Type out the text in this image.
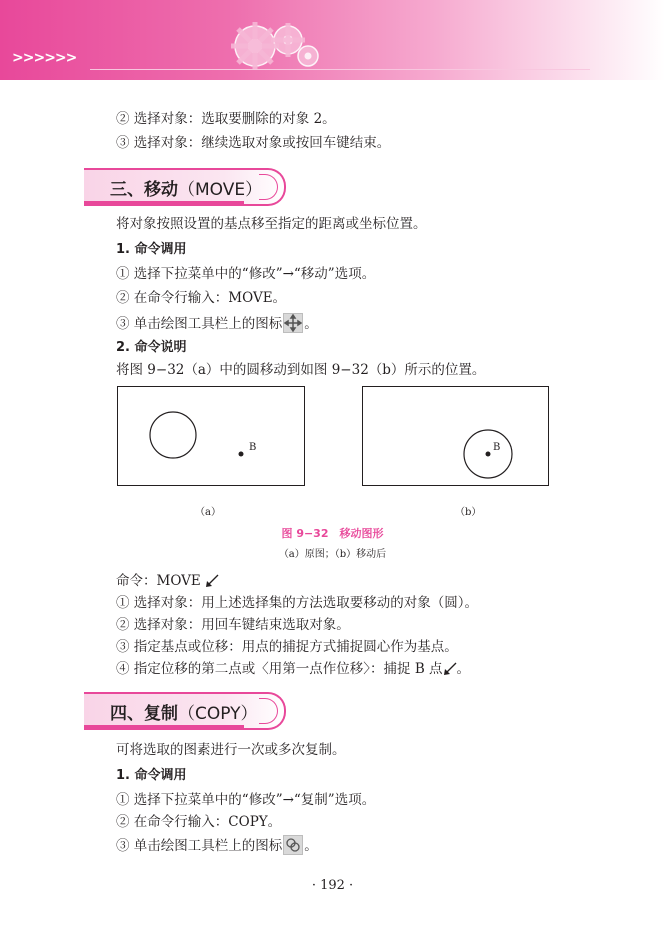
>>>>>>
② 选择对象：选取要删除的对象 2。
③ 选择对象：继续选取对象或按回车键结束。
三、移动（MOVE）
将对象按照设置的基点移至指定的距离或坐标位置。
1. 命令调用
① 选择下拉菜单中的“修改”→“移动”选项。
② 在命令行输入：MOVE。
③ 单击绘图工具栏上的图标 。
2. 命令说明
将图 9−32（a）中的圆移动到如图 9−32（b）所示的位置。
B
（a）
B
（b）
图 9−32　移动图形
（a）原图；（b）移动后
命令：MOVE
① 选择对象：用上述选择集的方法选取要移动的对象（圆）。
② 选择对象：用回车键结束选取对象。
③ 指定基点或位移：用点的捕捉方式捕捉圆心作为基点。
④ 指定位移的第二点或〈用第一点作位移〉：捕捉 B 点 。
四、复制（COPY）
可将选取的图素进行一次或多次复制。
1. 命令调用
① 选择下拉菜单中的“修改”→“复制”选项。
② 在命令行输入：COPY。
③ 单击绘图工具栏上的图标 。
· 192 ·
